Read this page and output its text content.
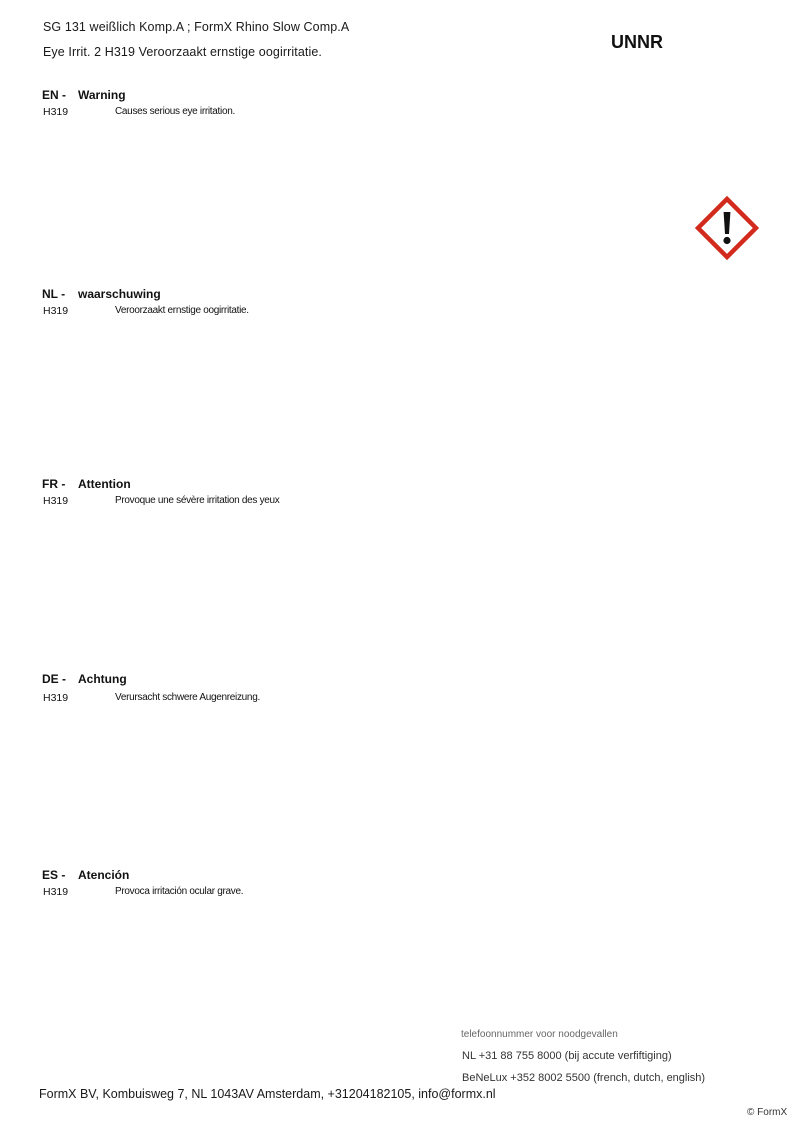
SG 131 weißlich Komp.A ; FormX Rhino Slow Comp.A
Eye Irrit. 2 H319 Veroorzaakt ernstige oogirritatie.	UNNR
EN - Warning
H319	Causes serious eye irritation.
NL - waarschuwing
H319	Veroorzaakt ernstige oogirritatie.
FR - Attention
H319	Provoque une sévère irritation des yeux
DE - Achtung
H319	Verursacht schwere Augenreizung.
ES - Atención
H319	Provoca irritación ocular grave.
telefoonnummer voor noodgevallen
NL +31 88 755 8000 (bij accute verfiftiging)
BeNeLux +352 8002 5500 (french, dutch, english)
FormX BV, Kombuisweg 7, NL 1043AV Amsterdam, +31204182105, info@formx.nl
© FormX
